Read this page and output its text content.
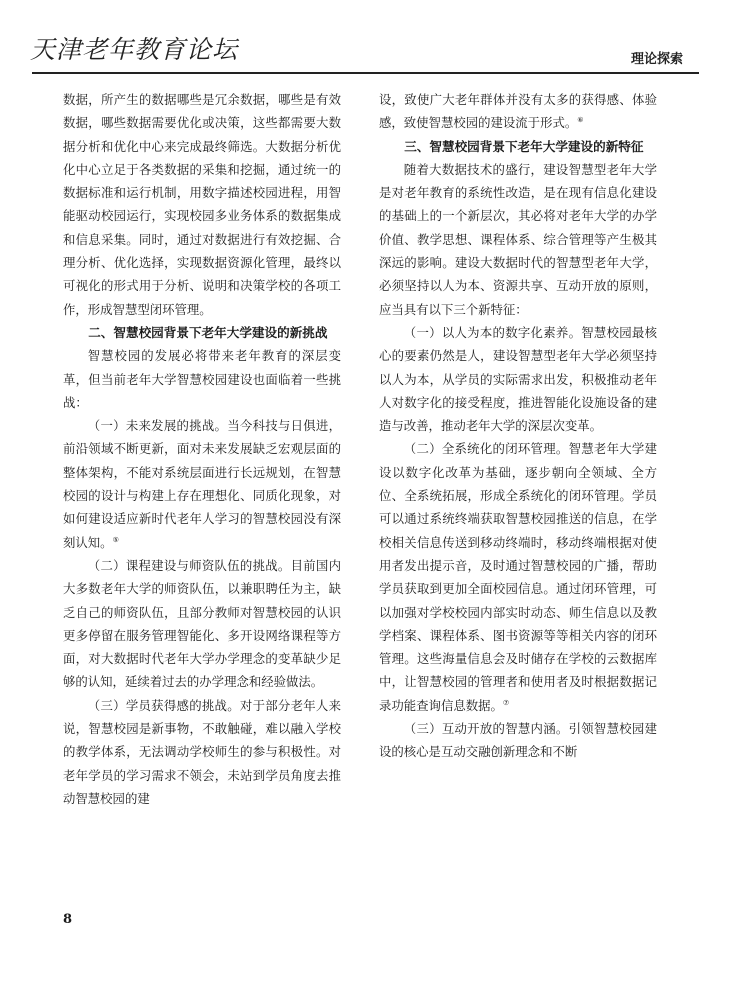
天津老年教育论坛	理论探索

数据，所产生的数据哪些是冗余数据，哪些是有效数据，哪些数据需要优化或决策，这些都需要大数据分析和优化中心来完成最终筛选。大数据分析优化中心立足于各类数据的采集和挖掘，通过统一的数据标准和运行机制，用数字描述校园进程，用智能驱动校园运行，实现校园多业务体系的数据集成和信息采集。同时，通过对数据进行有效挖掘、合理分析、优化选择，实现数据资源化管理，最终以可视化的形式用于分析、说明和决策学校的各项工作，形成智慧型闭环管理。

二、智慧校园背景下老年大学建设的新挑战

智慧校园的发展必将带来老年教育的深层变革，但当前老年大学智慧校园建设也面临着一些挑战：

（一）未来发展的挑战。当今科技与日俱进，前沿领域不断更新，面对未来发展缺乏宏观层面的整体架构，不能对系统层面进行长远规划，在智慧校园的设计与构建上存在理想化、同质化现象，对如何建设适应新时代老年人学习的智慧校园没有深刻认知。⑤

（二）课程建设与师资队伍的挑战。目前国内大多数老年大学的师资队伍，以兼职聘任为主，缺乏自己的师资队伍，且部分教师对智慧校园的认识更多停留在服务管理智能化、多开设网络课程等方面，对大数据时代老年大学办学理念的变革缺少足够的认知，延续着过去的办学理念和经验做法。

（三）学员获得感的挑战。对于部分老年人来说，智慧校园是新事物，不敢触碰，难以融入学校的教学体系，无法调动学校师生的参与积极性。对老年学员的学习需求不领会，未站到学员角度去推动智慧校园的建

设，致使广大老年群体并没有太多的获得感、体验感，致使智慧校园的建设流于形式。⑥

三、智慧校园背景下老年大学建设的新特征

随着大数据技术的盛行，建设智慧型老年大学是对老年教育的系统性改造，是在现有信息化建设的基础上的一个新层次，其必将对老年大学的办学价值、教学思想、课程体系、综合管理等产生极其深远的影响。建设大数据时代的智慧型老年大学，必须坚持以人为本、资源共享、互动开放的原则，应当具有以下三个新特征：

（一）以人为本的数字化素养。智慧校园最核心的要素仍然是人，建设智慧型老年大学必须坚持以人为本，从学员的实际需求出发，积极推动老年人对数字化的接受程度，推进智能化设施设备的建造与改善，推动老年大学的深层次变革。

（二）全系统化的闭环管理。智慧老年大学建设以数字化改革为基础，逐步朝向全领域、全方位、全系统拓展，形成全系统化的闭环管理。学员可以通过系统终端获取智慧校园推送的信息，在学校相关信息传送到移动终端时，移动终端根据对使用者发出提示音，及时通过智慧校园的广播，帮助学员获取到更加全面校园信息。通过闭环管理，可以加强对学校校园内部实时动态、师生信息以及教学档案、课程体系、图书资源等等相关内容的闭环管理。这些海量信息会及时储存在学校的云数据库中，让智慧校园的管理者和使用者及时根据数据记录功能查询信息数据。⑦

（三）互动开放的智慧内涵。引领智慧校园建设的核心是互动交融创新理念和不断

8
